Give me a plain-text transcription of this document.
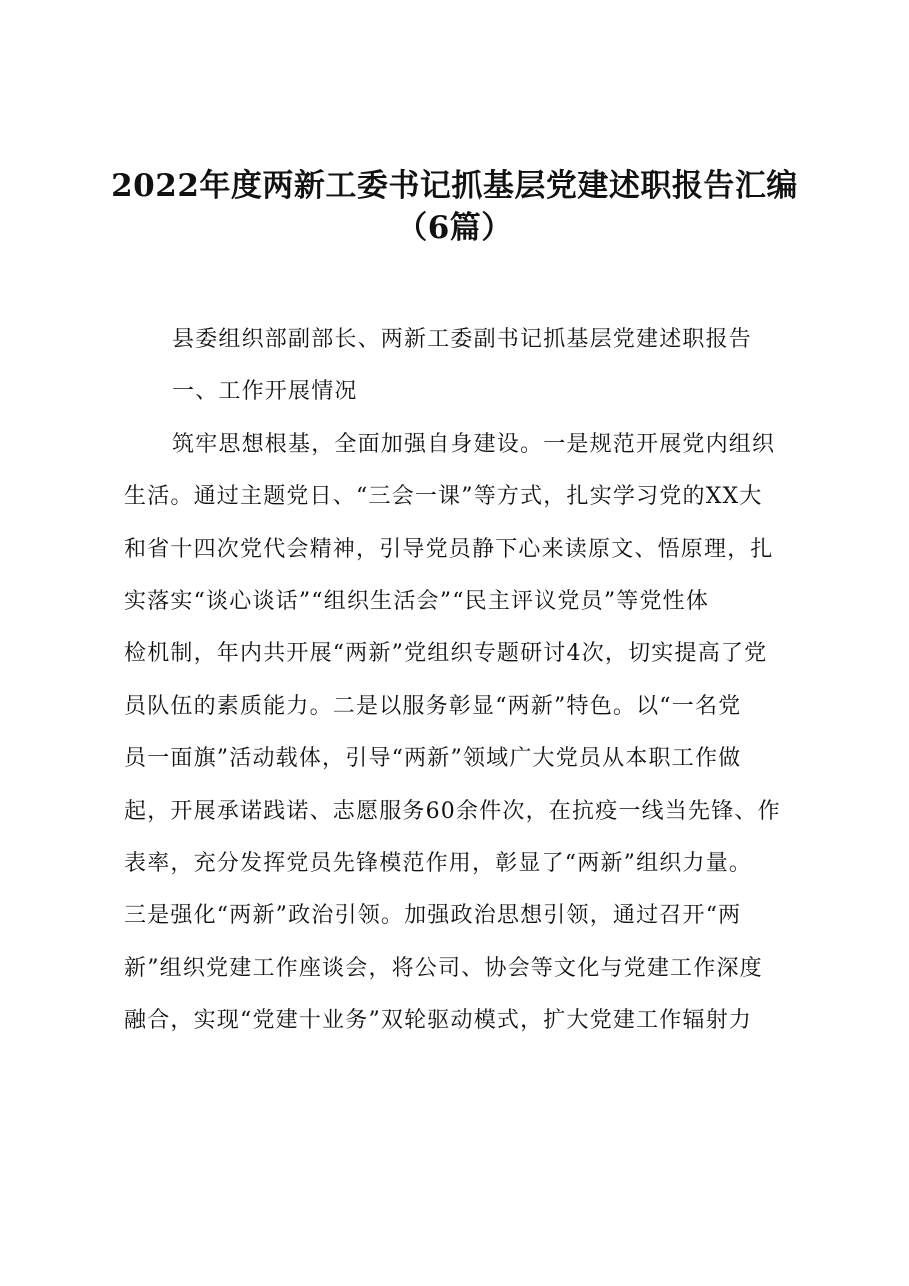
2022年度两新工委书记抓基层党建述职报告汇编
（6篇）
县委组织部副部长、两新工委副书记抓基层党建述职报告
一、工作开展情况
筑牢思想根基，全面加强自身建设。一是规范开展党内组织
生活。通过主题党日、“三会一课”等方式，扎实学习党的XX大
和省十四次党代会精神，引导党员静下心来读原文、悟原理，扎
实落实“谈心谈话”“组织生活会”“民主评议党员”等党性体
检机制，年内共开展“两新”党组织专题研讨4次，切实提高了党
员队伍的素质能力。二是以服务彰显“两新”特色。以“一名党
员一面旗”活动载体，引导“两新”领域广大党员从本职工作做
起，开展承诺践诺、志愿服务60余件次，在抗疫一线当先锋、作
表率，充分发挥党员先锋模范作用，彰显了“两新”组织力量。
三是强化“两新”政治引领。加强政治思想引领，通过召开“两
新”组织党建工作座谈会，将公司、协会等文化与党建工作深度
融合，实现“党建十业务”双轮驱动模式，扩大党建工作辐射力
